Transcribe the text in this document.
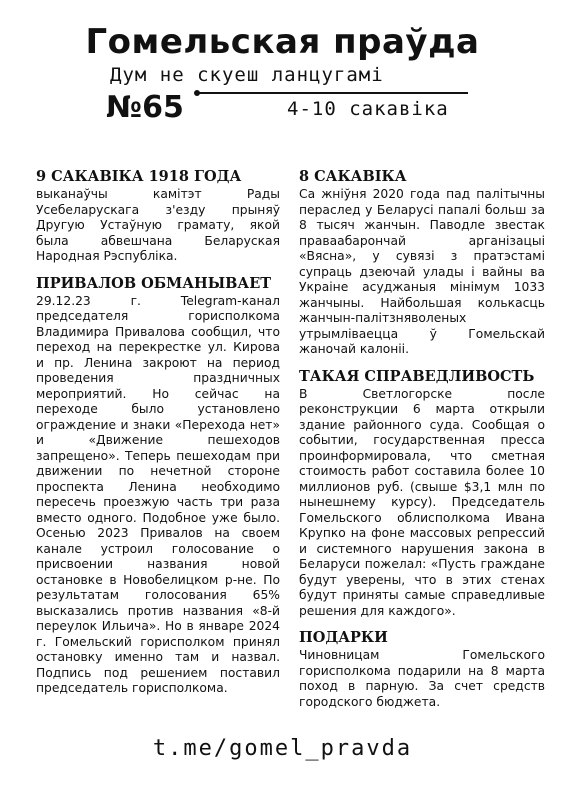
Гомельская праўда
Дум не скуеш ланцугамі
№65	4-10 сакавіка
9 САКАВІКА 1918 ГОДА
выканаўчы камітэт Рады Усебеларускага з'езду прыняў Другую Устаўную грамату, якой была абвешчана Беларуская Народная Рэспубліка.
ПРИВАЛОВ ОБМАНЫВАЕТ
29.12.23 г. Telegram-канал председателя горисполкома Владимира Привалова сообщил, что переход на перекрестке ул. Кирова и пр. Ленина закроют на период проведения праздничных мероприятий. Но сейчас на переходе было установлено ограждение и знаки «Перехода нет» и «Движение пешеходов запрещено». Теперь пешеходам при движении по нечетной стороне проспекта Ленина необходимо пересечь проезжую часть три раза вместо одного. Подобное уже было. Осенью 2023 Привалов на своем канале устроил голосование о присвоении названия новой остановке в Новобелицком р-не. По результатам голосования 65% высказались против названия «8-й переулок Ильича». Но в январе 2024 г. Гомельский горисполком принял остановку именно там и назвал. Подпись под решением поставил председатель горисполкома.
8 САКАВІКА
Са жніўня 2020 года пад палітычны пераслед у Беларусі папалі больш за 8 тысяч жанчын. Паводле звестак праваабарончай арганізацыі «Вясна», у сувязі з пратэстамі супраць дзеючай улады і вайны ва Украіне асуджаныя мінімум 1033 жанчыны. Найбольшая колькасць жанчын-палітзняволеных утрымліваецца ў Гомельскай жаночай калоніі.
ТАКАЯ СПРАВЕДЛИВОСТЬ
В Светлогорске после реконструкции 6 марта открыли здание районного суда. Сообщая о событии, государственная пресса проинформировала, что сметная стоимость работ составила более 10 миллионов руб. (свыше $3,1 млн по нынешнему курсу). Председатель Гомельского облисполкома Ивана Крупко на фоне массовых репрессий и системного нарушения закона в Беларуси пожелал: «Пусть граждане будут уверены, что в этих стенах будут приняты самые справедливые решения для каждого».
ПОДАРКИ
Чиновницам Гомельского горисполкома подарили на 8 марта поход в парную. За счет средств городского бюджета.
t.me/gomel_pravda
